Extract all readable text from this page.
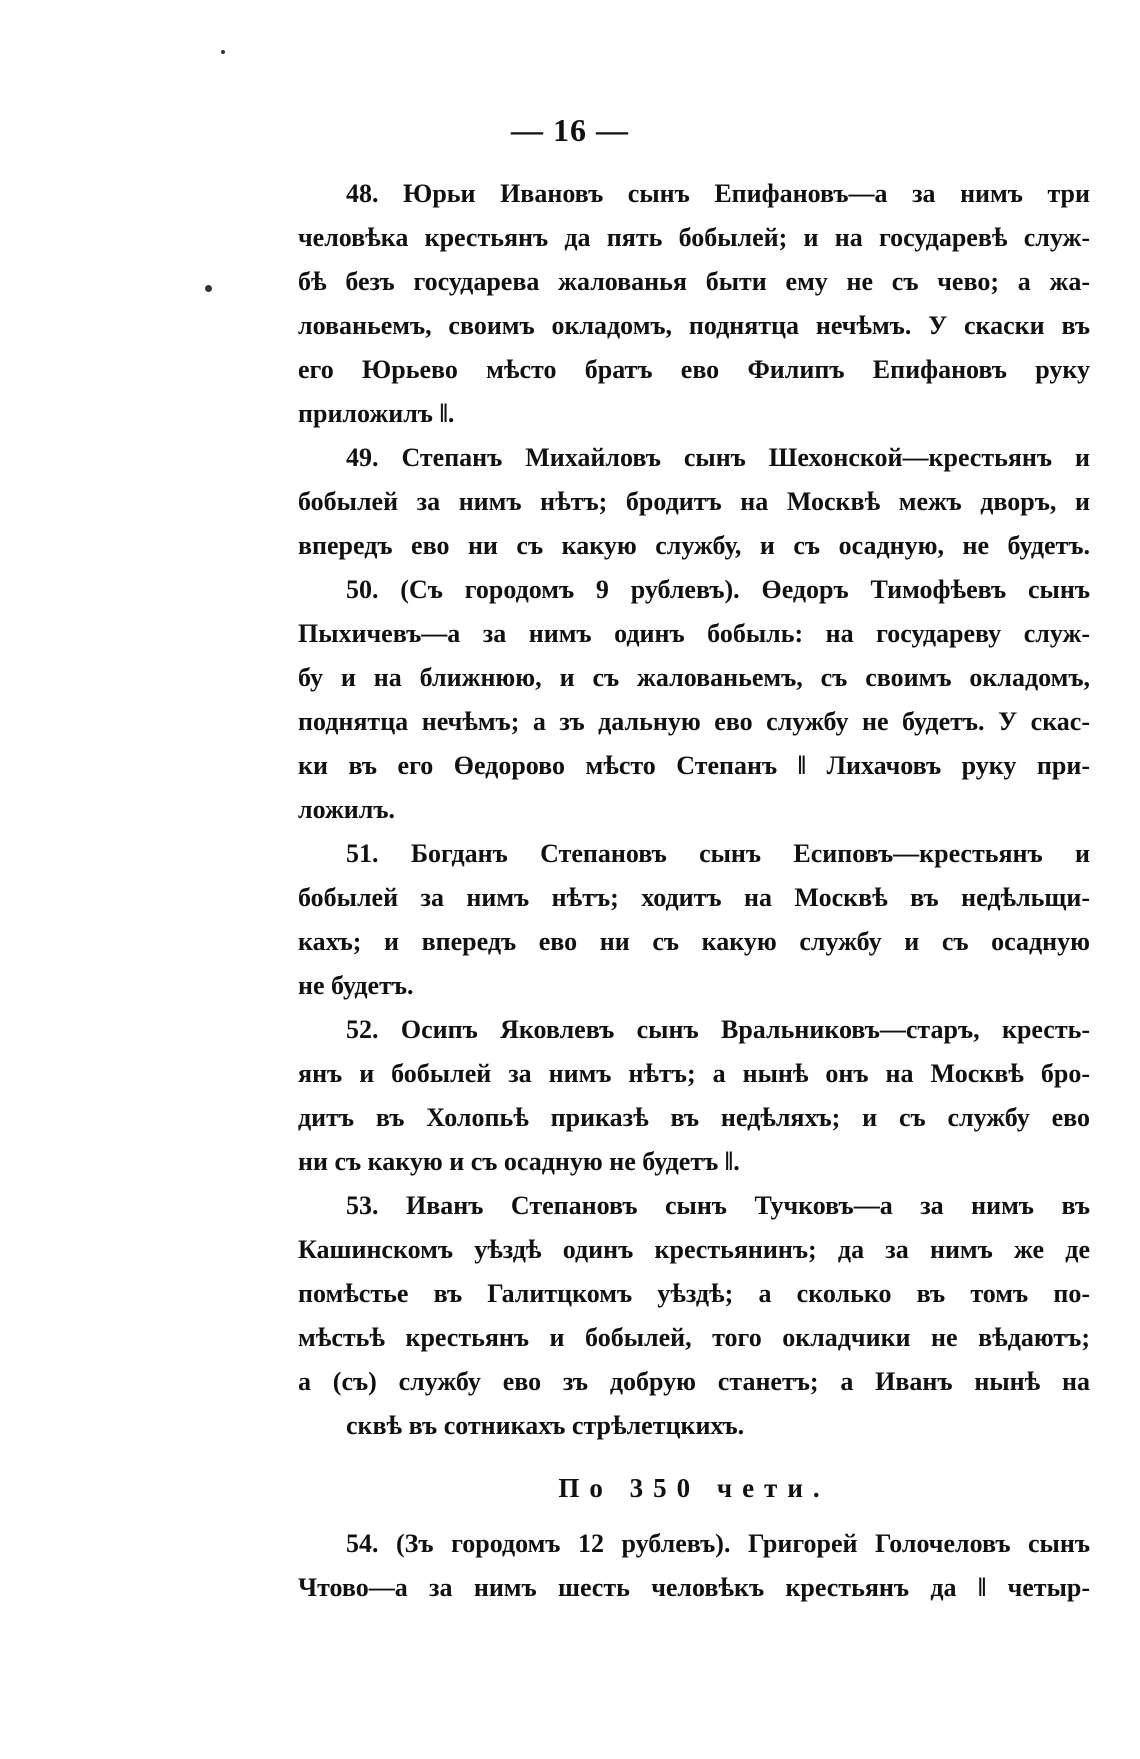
— 16 —
48. Юрьи Ивановъ сынъ Епифановъ—а за нимъ три
человѣка крестьянъ да пять бобылей; и на государевѣ служ-
бѣ безъ государева жалованья быти ему не съ чево; а жа-
лованьемъ, своимъ окладомъ, поднятца нечѣмъ. У скаски въ
его Юрьево мѣсто братъ ево Филипъ Епифановъ руку
приложилъ ‖.
49. Степанъ Михайловъ сынъ Шехонской—крестьянъ и
бобылей за нимъ нѣтъ; бродитъ на Москвѣ межъ дворъ, и
впередъ ево ни съ какую службу, и съ осадную, не будетъ.
50. (Съ городомъ 9 рублевъ). Өедоръ Тимофѣевъ сынъ
Пыхичевъ—а за нимъ одинъ бобыль: на государеву служ-
бу и на ближнюю, и съ жалованьемъ, съ своимъ окладомъ,
поднятца нечѣмъ; а зъ дальную ево службу не будетъ. У скас-
ки въ его Өедорово мѣсто Степанъ ‖ Лихачовъ руку при-
ложилъ.
51. Богданъ Степановъ сынъ Есиповъ—крестьянъ и
бобылей за нимъ нѣтъ; ходитъ на Москвѣ въ недѣльщи-
кахъ; и впередъ ево ни съ какую службу и съ осадную
не будетъ.
52. Осипъ Яковлевъ сынъ Вральниковъ—старъ, кресть-
янъ и бобылей за нимъ нѣтъ; а нынѣ онъ на Москвѣ бро-
дитъ въ Холопьѣ приказѣ въ недѣляхъ; и съ службу ево
ни съ какую и съ осадную не будетъ ‖.
53. Иванъ Степановъ сынъ Тучковъ—а за нимъ въ
Кашинскомъ уѣздѣ одинъ крестьянинъ; да за нимъ же де
помѣстье въ Галитцкомъ уѣздѣ; а сколько въ томъ по-
мѣстьѣ крестьянъ и бобылей, того окладчики не вѣдаютъ;
а (съ) службу ево зъ добрую станетъ; а Иванъ нынѣ на
сквѣ въ сотникахъ стрѣлетцкихъ.
По 350 чети.
54. (Зъ городомъ 12 рублевъ). Григорей Голочеловъ сынъ
Чтово—а за нимъ шесть человѣкъ крестьянъ да ‖ четыр-
